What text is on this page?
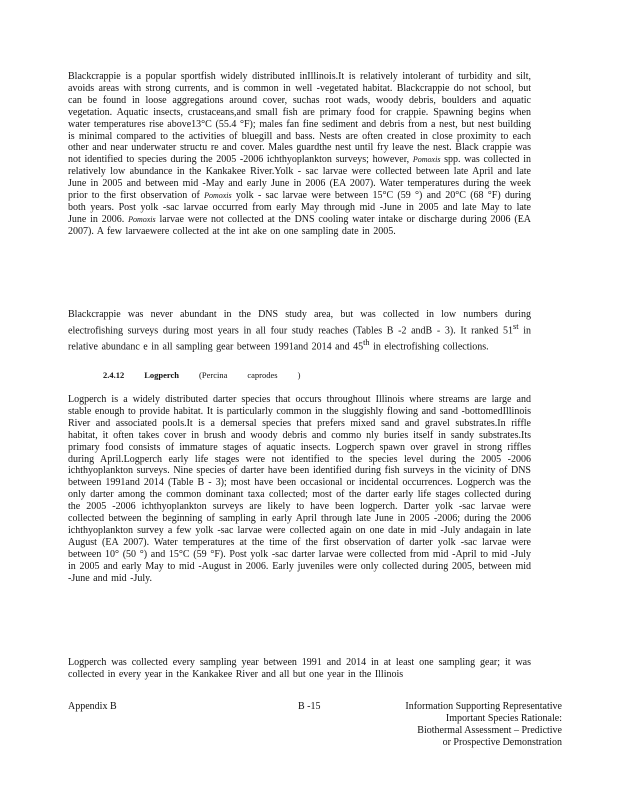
Blackcrappie is a popular sportfish widely distributed inIllinois.It is relatively intolerant of turbidity and silt, avoids areas with strong currents, and is common in well -vegetated habitat. Blackcrappie do not school, but can be found in loose aggregations around cover, suchas root wads, woody debris, boulders and aquatic vegetation. Aquatic insects, crustaceans,and small fish are primary food for crappie. Spawning begins when water temperatures rise above13°C (55.4 °F); males fan fine sediment and debris from a nest, but nest building is minimal compared to the activities of bluegill and bass. Nests are often created in close proximity to each other and near underwater structu re and cover. Males guardthe nest until fry leave the nest. Black crappie was not identified to species during the 2005 -2006 ichthyoplankton surveys; however, Pomoxis spp. was collected in relatively low abundance in the Kankakee River.Yolk - sac larvae were collected between late April and late June in 2005 and between mid -May and early June in 2006 (EA 2007). Water temperatures during the week prior to the first observation of Pomoxis yolk - sac larvae were between 15°C (59 °) and 20°C (68 °F) during both years. Post yolk -sac larvae occurred from early May through mid -June in 2005 and late May to late June in 2006. Pomoxis larvae were not collected at the DNS cooling water intake or discharge during 2006 (EA 2007). A few larvaewere collected at the int ake on one sampling date in 2005.

Blackcrappie was never abundant in the DNS study area, but was collected in low numbers during electrofishing surveys during most years in all four study reaches (Tables B -2 andB - 3). It ranked 51st in relative abundanc e in all sampling gear between 1991and 2014 and 45th in electrofishing collections.

2.4.12 Logperch (Percina caprodes )

Logperch is a widely distributed darter species that occurs throughout Illinois where streams are large and stable enough to provide habitat. It is particularly common in the sluggishly flowing and sand -bottomedIllinois River and associated pools.It is a demersal species that prefers mixed sand and gravel substrates.In riffle habitat, it often takes cover in brush and woody debris and commo nly buries itself in sandy substrates.Its primary food consists of immature stages of aquatic insects. Logperch spawn over gravel in strong riffles during April.Logperch early life stages were not identified to the species level during the 2005 -2006 ichthyoplankton surveys. Nine species of darter have been identified during fish surveys in the vicinity of DNS between 1991and 2014 (Table B - 3); most have been occasional or incidental occurrences. Logperch was the only darter among the common dominant taxa collected; most of the darter early life stages collected during the 2005 -2006 ichthyoplankton surveys are likely to have been logperch. Darter yolk -sac larvae were collected between the beginning of sampling in early April through late June in 2005 -2006; during the 2006 ichthyoplankton survey a few yolk -sac larvae were collected again on one date in mid -July andagain in late August (EA 2007). Water temperatures at the time of the first observation of darter yolk -sac larvae were between 10° (50 °) and 15°C (59 °F). Post yolk -sac darter larvae were collected from mid -April to mid -July in 2005 and early May to mid -August in 2006. Early juveniles were only collected during 2005, between mid -June and mid -July.

Logperch was collected every sampling year between 1991 and 2014 in at least one sampling gear; it was collected in every year in the Kankakee River and all but one year in the Illinois

Appendix B	B -15	Information Supporting Representative
Important Species Rationale:
Biothermal Assessment – Predictive
or Prospective Demonstration
